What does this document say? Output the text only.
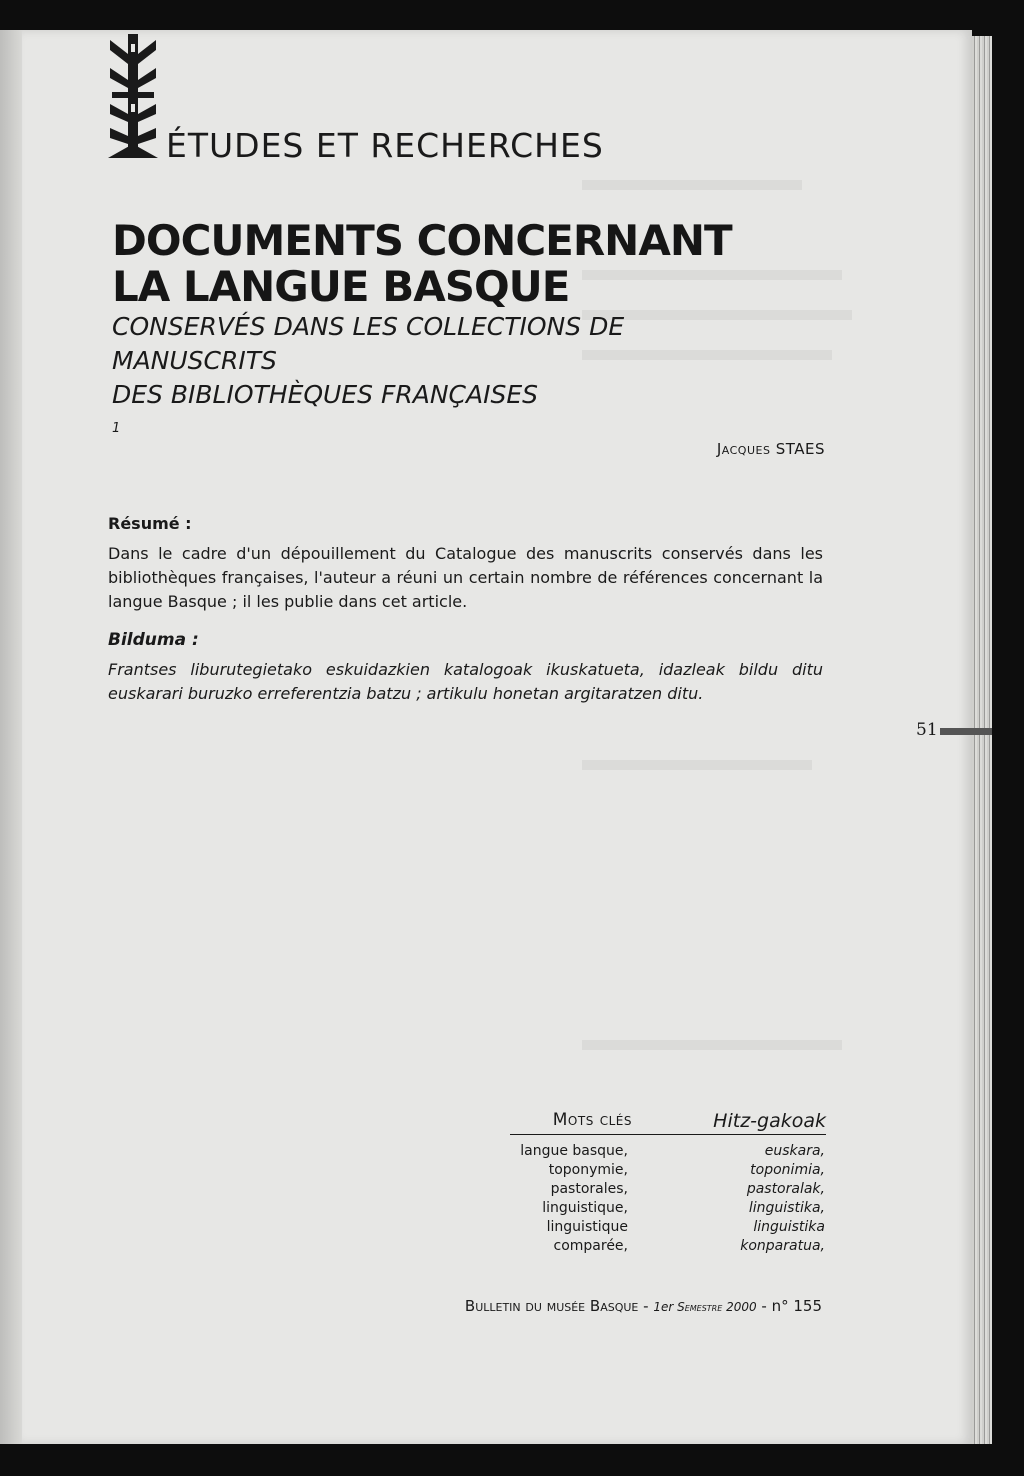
ÉTUDES ET RECHERCHES
DOCUMENTS CONCERNANT
LA LANGUE BASQUE
CONSERVÉS DANS LES COLLECTIONS DE
MANUSCRITS
DES BIBLIOTHÈQUES FRANÇAISES
$^1$
Jacques STAES
Résumé :
Dans le cadre d'un dépouillement du Catalogue des manuscrits conservés dans les bibliothèques françaises, l'auteur a réuni un certain nombre de références concernant la langue Basque ; il les publie dans cet article.
Bilduma :
Frantses liburutegietako eskuidazkien katalogoak ikuskatueta, idazleak bildu ditu euskarari buruzko erreferentzia batzu ; artikulu honetan argitaratzen ditu.
51
Mots clés	Hitz-gakoak
langue basque,
toponymie,
pastorales,
linguistique,
linguistique
comparée,
euskara,
toponimia,
pastoralak,
linguistika,
linguistika
konparatua,
Bulletin du musée Basque - 1er Semestre 2000 - n° 155
